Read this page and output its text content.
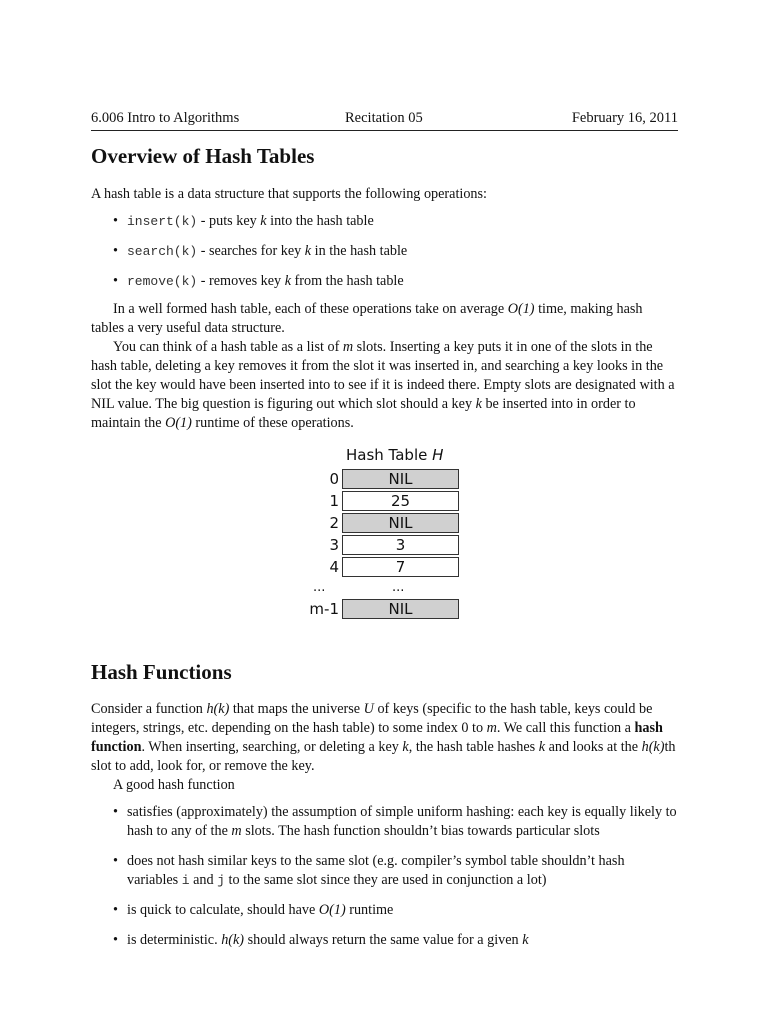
6.006 Intro to Algorithms	Recitation 05	February 16, 2011
Overview of Hash Tables

A hash table is a data structure that supports the following operations:

• insert(k) - puts key k into the hash table
• search(k) - searches for key k in the hash table
• remove(k) - removes key k from the hash table

In a well formed hash table, each of these operations take on average O(1) time, making hash tables a very useful data structure.

You can think of a hash table as a list of m slots. Inserting a key puts it in one of the slots in the hash table, deleting a key removes it from the slot it was inserted in, and searching a key looks in the slot the key would have been inserted into to see if it is indeed there. Empty slots are designated with a NIL value. The big question is figuring out which slot should a key k be inserted into in order to maintain the O(1) runtime of these operations.

Hash Table H
0	NIL
1	25
2	NIL
3	3
4	7
...	...
m-1	NIL
Hash Functions

Consider a function h(k) that maps the universe U of keys (specific to the hash table, keys could be integers, strings, etc. depending on the hash table) to some index 0 to m. We call this function a hash function. When inserting, searching, or deleting a key k, the hash table hashes k and looks at the h(k)th slot to add, look for, or remove the key.

A good hash function

• satisfies (approximately) the assumption of simple uniform hashing: each key is equally likely to hash to any of the m slots. The hash function shouldn’t bias towards particular slots
• does not hash similar keys to the same slot (e.g. compiler’s symbol table shouldn’t hash variables i and j to the same slot since they are used in conjunction a lot)
• is quick to calculate, should have O(1) runtime
• is deterministic. h(k) should always return the same value for a given k
